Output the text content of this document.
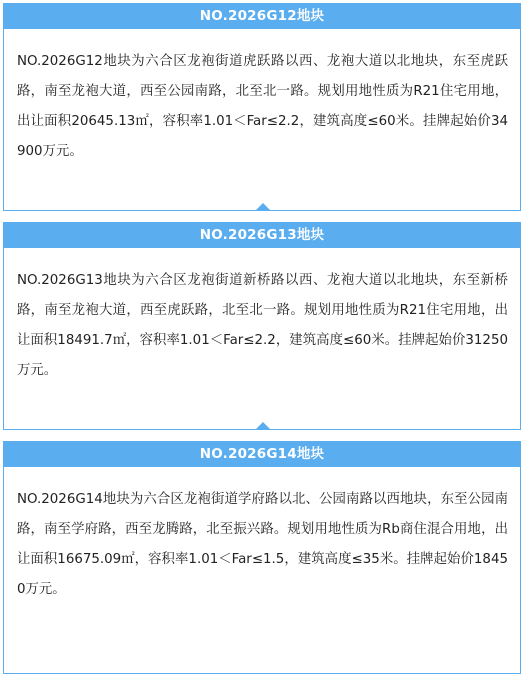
NO.2026G12地块

NO.2026G12地块为六合区龙袍街道虎跃路以西、龙袍大道以北地块，东至虎跃路，南至龙袍大道，西至公园南路，北至北一路。规划用地性质为R21住宅用地，出让面积20645.13㎡，容积率1.01＜Far≤2.2，建筑高度≤60米。挂牌起始价34900万元。

NO.2026G13地块

NO.2026G13地块为六合区龙袍街道新桥路以西、龙袍大道以北地块，东至新桥路，南至龙袍大道，西至虎跃路，北至北一路。规划用地性质为R21住宅用地，出让面积18491.7㎡，容积率1.01＜Far≤2.2，建筑高度≤60米。挂牌起始价31250万元。

NO.2026G14地块

NO.2026G14地块为六合区龙袍街道学府路以北、公园南路以西地块，东至公园南路，南至学府路，西至龙腾路，北至振兴路。规划用地性质为Rb商住混合用地，出让面积16675.09㎡，容积率1.01＜Far≤1.5，建筑高度≤35米。挂牌起始价18450万元。
